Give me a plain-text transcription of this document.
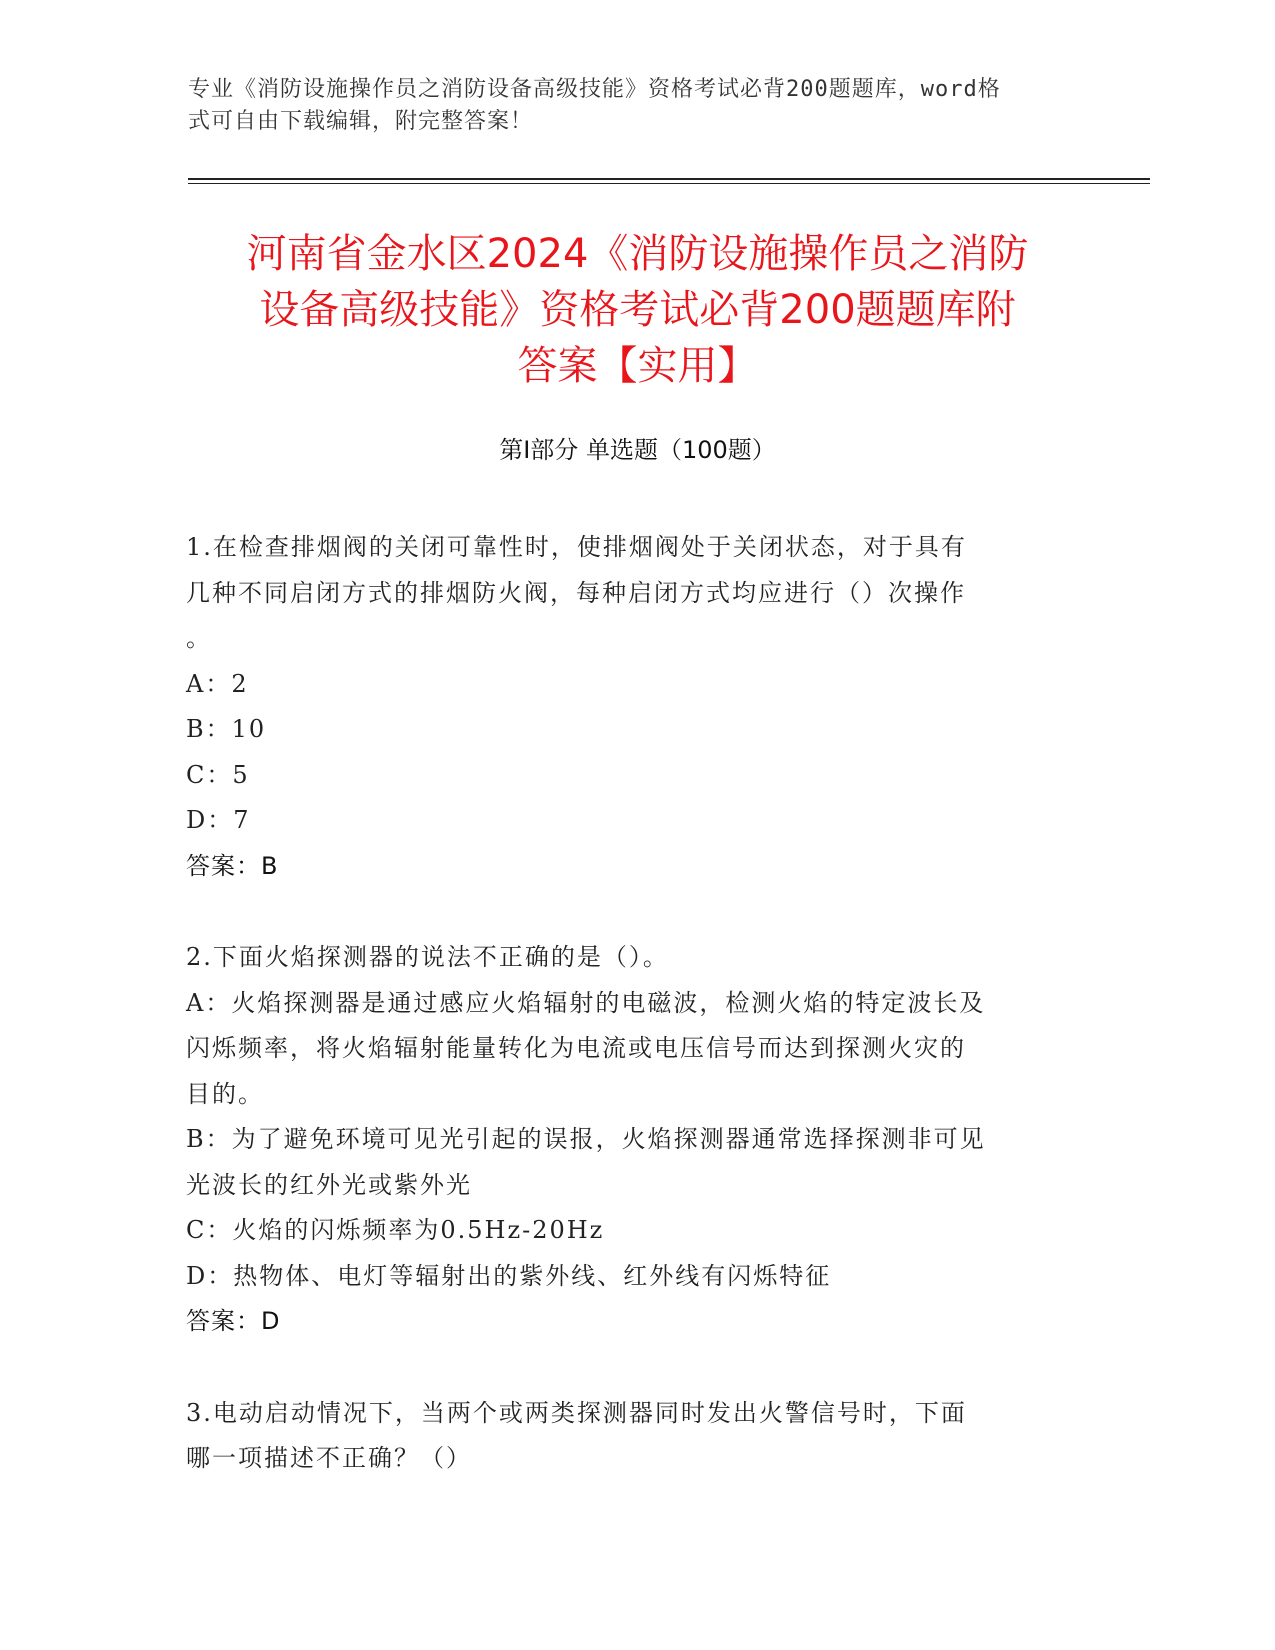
专业《消防设施操作员之消防设备高级技能》资格考试必背200题题库，word格
式可自由下载编辑，附完整答案！
河南省金水区2024《消防设施操作员之消防
设备高级技能》资格考试必背200题题库附
答案【实用】
第I部分 单选题（100题）
1.在检查排烟阀的关闭可靠性时，使排烟阀处于关闭状态，对于具有
几种不同启闭方式的排烟防火阀，每种启闭方式均应进行（）次操作
。
A：2
B：10
C：5
D：7
答案：B
2.下面火焰探测器的说法不正确的是（）。
A：火焰探测器是通过感应火焰辐射的电磁波，检测火焰的特定波长及
闪烁频率，将火焰辐射能量转化为电流或电压信号而达到探测火灾的
目的。
B：为了避免环境可见光引起的误报，火焰探测器通常选择探测非可见
光波长的红外光或紫外光
C：火焰的闪烁频率为0.5Hz-20Hz
D：热物体、电灯等辐射出的紫外线、红外线有闪烁特征
答案：D
3.电动启动情况下，当两个或两类探测器同时发出火警信号时，下面
哪一项描述不正确？（）
